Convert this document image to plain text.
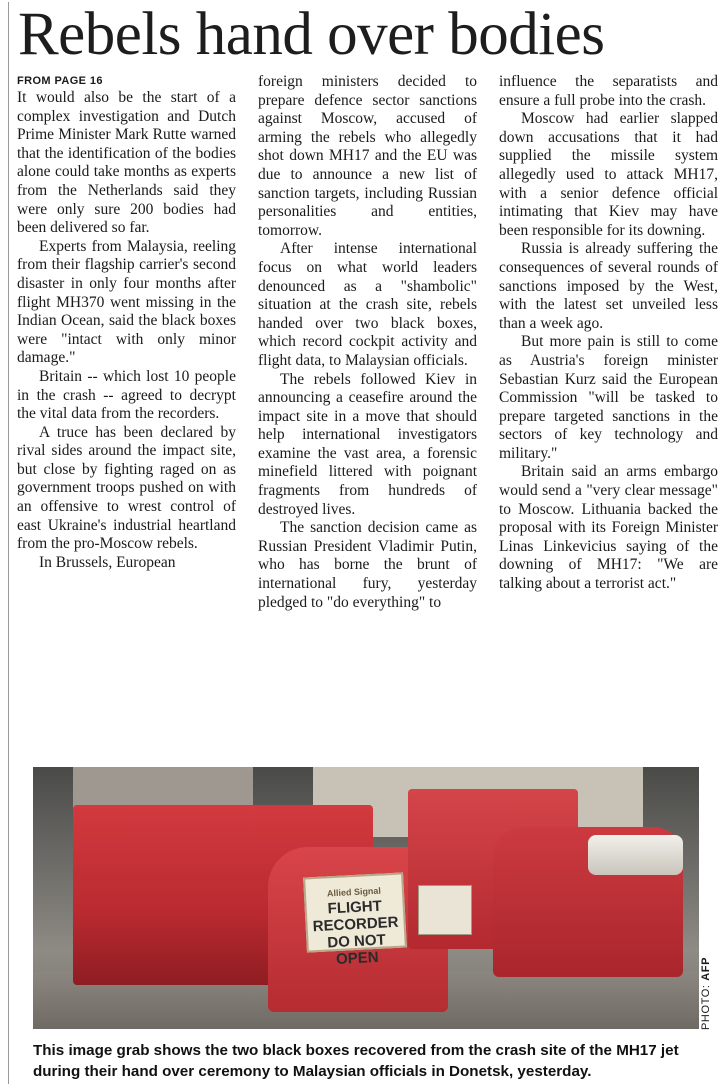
Rebels hand over bodies
FROM PAGE 16

It would also be the start of a complex investigation and Dutch Prime Minister Mark Rutte warned that the identification of the bodies alone could take months as experts from the Netherlands said they were only sure 200 bodies had been delivered so far.

Experts from Malaysia, reeling from their flagship carrier's second disaster in only four months after flight MH370 went missing in the Indian Ocean, said the black boxes were "intact with only minor damage."

Britain -- which lost 10 people in the crash -- agreed to decrypt the vital data from the recorders.

A truce has been declared by rival sides around the impact site, but close by fighting raged on as government troops pushed on with an offensive to wrest control of east Ukraine's industrial heartland from the pro-Moscow rebels.

In Brussels, European

foreign ministers decided to prepare defence sector sanctions against Moscow, accused of arming the rebels who allegedly shot down MH17 and the EU was due to announce a new list of sanction targets, including Russian personalities and entities, tomorrow.

After intense international focus on what world leaders denounced as a "shambolic" situation at the crash site, rebels handed over two black boxes, which record cockpit activity and flight data, to Malaysian officials.

The rebels followed Kiev in announcing a ceasefire around the impact site in a move that should help international investigators examine the vast area, a forensic minefield littered with poignant fragments from hundreds of destroyed lives.

The sanction decision came as Russian President Vladimir Putin, who has borne the brunt of international fury, yesterday pledged to "do everything" to

influence the separatists and ensure a full probe into the crash.

Moscow had earlier slapped down accusations that it had supplied the missile system allegedly used to attack MH17, with a senior defence official intimating that Kiev may have been responsible for its downing.

Russia is already suffering the consequences of several rounds of sanctions imposed by the West, with the latest set unveiled less than a week ago.

But more pain is still to come as Austria's foreign minister Sebastian Kurz said the European Commission "will be tasked to prepare targeted sanctions in the sectors of key technology and military."

Britain said an arms embargo would send a "very clear message" to Moscow. Lithuania backed the proposal with its Foreign Minister Linas Linkevicius saying of the downing of MH17: "We are talking about a terrorist act."

Allied Signal
FLIGHT RECORDER DO NOT OPEN
PHOTO: AFP
This image grab shows the two black boxes recovered from the crash site of the MH17 jet during their hand over ceremony to Malaysian officials in Donetsk, yesterday.
